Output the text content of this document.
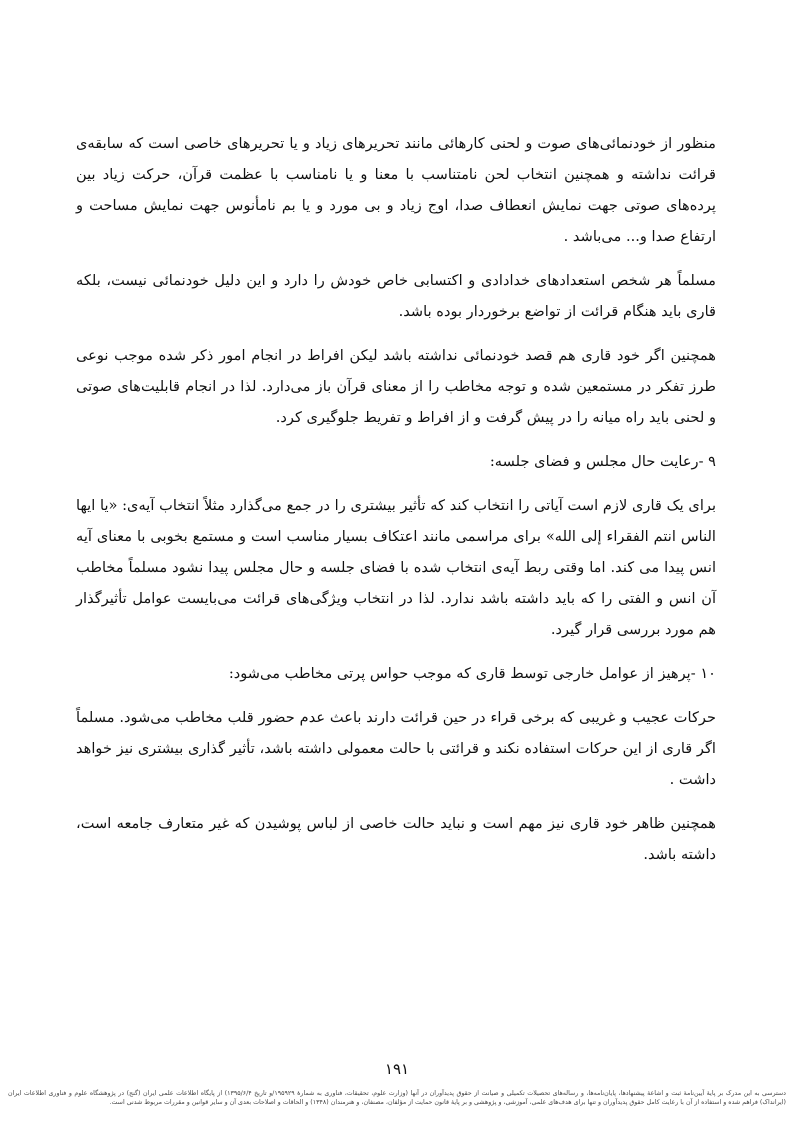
منظور از خودنمائی‌های صوت و لحنی کارهائی مانند تحریرهای زیاد و یا تحریرهای خاصی است که سابقه‌ی قرائت نداشته و همچنین انتخاب لحن نامتناسب با معنا و یا نامناسب با عظمت قرآن، حرکت زیاد بین پرده‌های صوتی جهت نمایش انعطاف صدا، اوج زیاد و بی مورد و یا بم نامأنوس جهت نمایش مساحت و ارتفاع صدا و... می‌باشد .

مسلماً هر شخص استعدادهای خدادادی و اکتسابی خاص خودش را دارد و این دلیل خودنمائی نیست، بلکه قاری باید هنگام قرائت از تواضع برخوردار بوده باشد.

همچنین اگر خود قاری هم قصد خودنمائی نداشته باشد لیکن افراط در انجام امور ذکر شده موجب نوعی طرز تفکر در مستمعین شده و توجه مخاطب را از معنای قرآن باز می‌دارد. لذا در انجام قابلیت‌های صوتی و لحنی باید راه میانه را در پیش گرفت و از افراط و تفریط جلوگیری کرد.

۹ -رعایت حال مجلس و فضای جلسه:

برای یک قاری لازم است آیاتی را انتخاب کند که تأثیر بیشتری را در جمع می‌گذارد مثلاً انتخاب آیه‌ی: «یا ایها الناس انتم الفقراء إلی الله» برای مراسمی مانند اعتکاف بسیار مناسب است و مستمع بخوبی با معنای آیه انس پیدا می کند. اما وقتی ربط آیه‌ی انتخاب شده با فضای جلسه و حال مجلس پیدا نشود مسلماً مخاطب آن انس و الفتی را که باید داشته باشد ندارد. لذا در انتخاب ویژگی‌های قرائت می‌بایست عوامل تأثیرگذار هم مورد بررسی قرار گیرد.

۱۰ -پرهیز از عوامل خارجی توسط قاری که موجب حواس پرتی مخاطب می‌شود:

حرکات عجیب و غریبی که برخی قراء در حین قرائت دارند باعث عدم حضور قلب مخاطب می‌شود. مسلماً اگر قاری از این حرکات استفاده نکند و قرائتی با حالت معمولی داشته باشد، تأثیر گذاری بیشتری نیز خواهد داشت .

همچنین ظاهر خود قاری نیز مهم است و نباید حالت خاصی از لباس پوشیدن که غیر متعارف جامعه است، داشته باشد.

۱۹۱
دسترسی به این مدرک بر پایهٔ آیین‌نامهٔ ثبت و اشاعهٔ پیشنهادها، پایان‌نامه‌ها، و رساله‌های تحصیلات تکمیلی و صیانت از حقوق پدیدآوران در آنها (وزارت علوم، تحقیقات، فناوری به شمارهٔ ۱۹۵۹۲۹/و تاریخ ۱۳۹۵/۶/۴) از پایگاه اطلاعات علمی ایران (گنج) در پژوهشگاه علوم و فناوری اطلاعات ایران (ایرانداک) فراهم شده و استفاده از آن با رعایت کامل حقوق پدیدآوران و تنها برای هدف‌های علمی، آموزشی، و پژوهشی و بر پایهٔ قانون حمایت از مؤلفان، مصنفان، و هنرمندان (۱۳۴۸) و الحاقات و اصلاحات بعدی آن و سایر قوانین و مقررات مربوط شدنی است.
